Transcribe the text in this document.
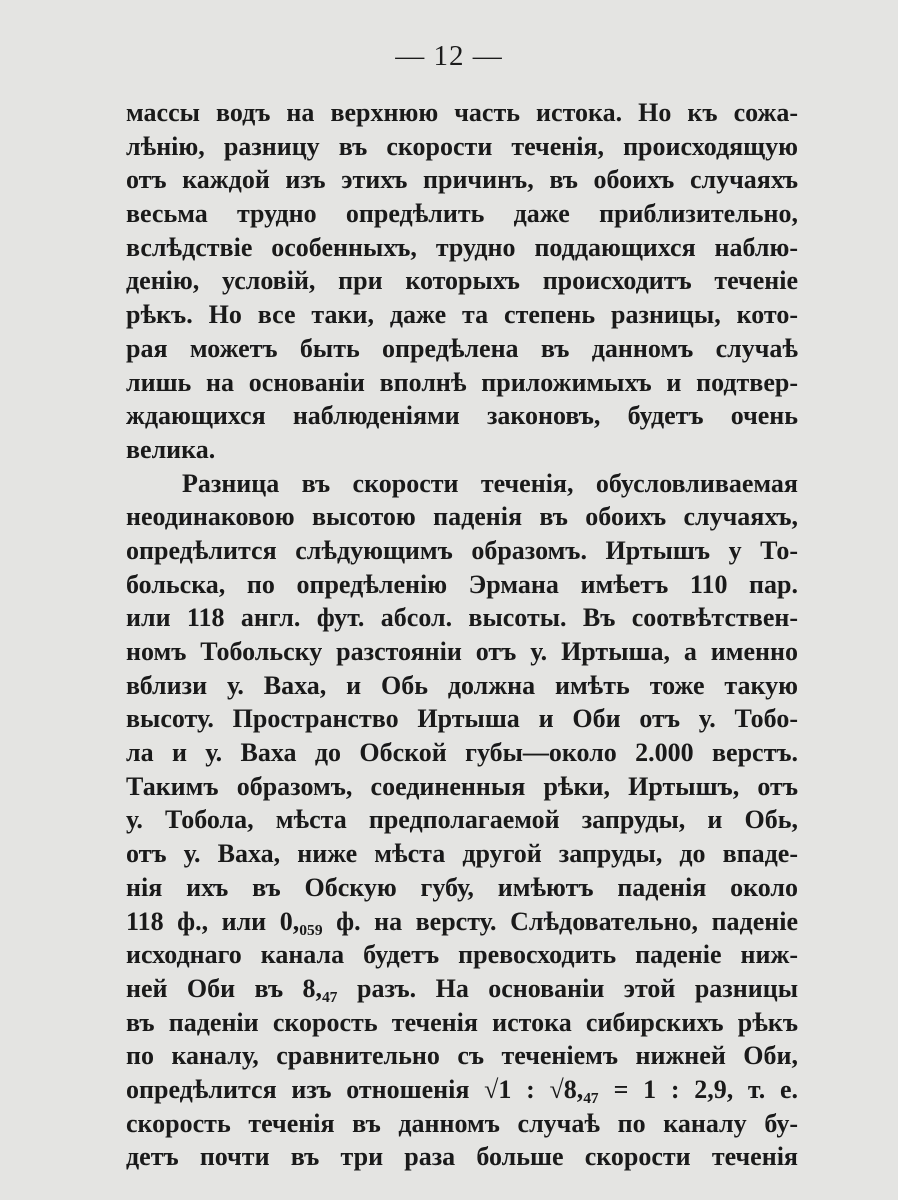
— 12 —
массы водъ на верхнюю часть истока. Но къ сожа-
лѣнію, разницу въ скорости теченія, происходящую
отъ каждой изъ этихъ причинъ, въ обоихъ случаяхъ
весьма трудно опредѣлить даже приблизительно,
вслѣдствіе особенныхъ, трудно поддающихся наблю-
денію, условій, при которыхъ происходитъ теченіе
рѣкъ. Но все таки, даже та степень разницы, кото-
рая можетъ быть опредѣлена въ данномъ случаѣ
лишь на основаніи вполнѣ приложимыхъ и подтвер-
ждающихся наблюденіями законовъ, будетъ очень
велика.
Разница въ скорости теченія, обусловливаемая
неодинаковою высотою паденія въ обоихъ случаяхъ,
опредѣлится слѣдующимъ образомъ. Иртышъ у То-
больска, по опредѣленію Эрмана имѣетъ 110 пар.
или 118 англ. фут. абсол. высоты. Въ соотвѣтствен-
номъ Тобольску разстояніи отъ у. Иртыша, а именно
вблизи у. Ваха, и Обь должна имѣть тоже такую
высоту. Пространство Иртыша и Оби отъ у. Тобо-
ла и у. Ваха до Обской губы—около 2.000 верстъ.
Такимъ образомъ, соединенныя рѣки, Иртышъ, отъ
у. Тобола, мѣста предполагаемой запруды, и Обь,
отъ у. Ваха, ниже мѣста другой запруды, до впаде-
нія ихъ въ Обскую губу, имѣютъ паденія около
118 ф., или 0,₀₅₉ ф. на версту. Слѣдовательно, паденіе
исходнаго канала будетъ превосходить паденіе ниж-
ней Оби въ 8,₄₇ разъ. На основаніи этой разницы
въ паденіи скорость теченія истока сибирскихъ рѣкъ
по каналу, сравнительно съ теченіемъ нижней Оби,
опредѣлится изъ отношенія √1 : √8,₄₇ = 1 : 2,9, т. е.
скорость теченія въ данномъ случаѣ по каналу бу-
детъ почти въ три раза больше скорости теченія
